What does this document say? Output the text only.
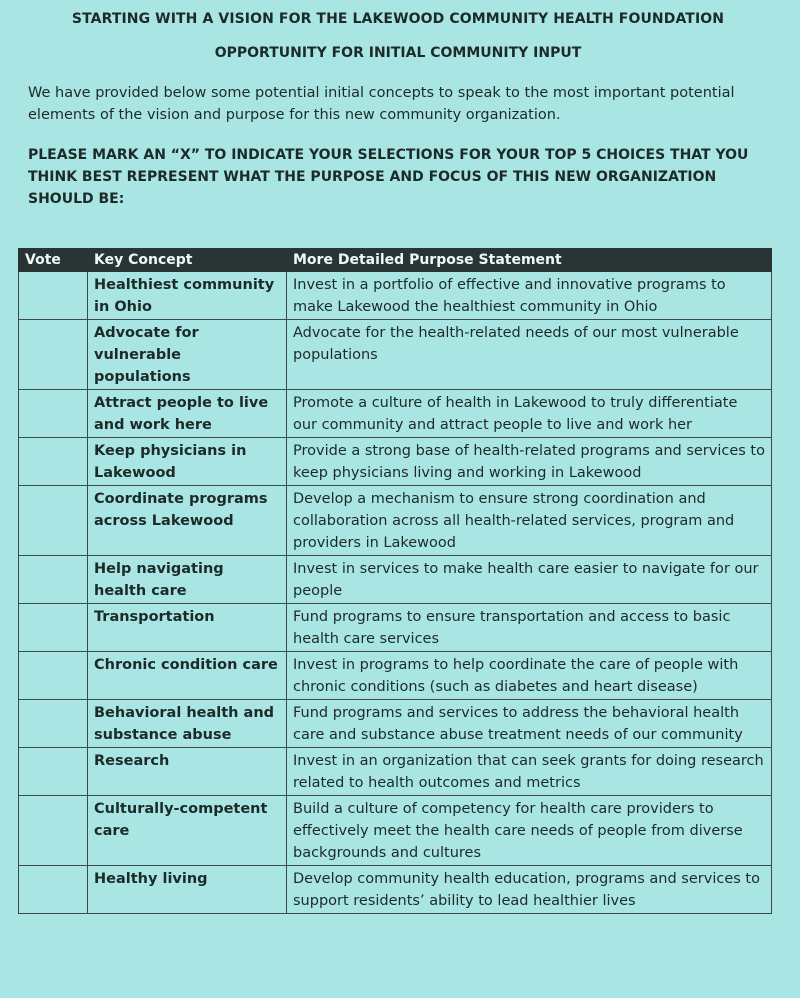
STARTING WITH A VISION FOR THE LAKEWOOD COMMUNITY HEALTH FOUNDATION
OPPORTUNITY FOR INITIAL COMMUNITY INPUT
We have provided below some potential initial concepts to speak to the most important potential elements of the vision and purpose for this new community organization.
PLEASE MARK AN “X” TO INDICATE YOUR SELECTIONS FOR YOUR TOP 5 CHOICES THAT YOU THINK BEST REPRESENT WHAT THE PURPOSE AND FOCUS OF THIS NEW ORGANIZATION SHOULD BE:
Vote	Key Concept	More Detailed Purpose Statement
	Healthiest community in Ohio	Invest in a portfolio of effective and innovative programs to make Lakewood the healthiest community in Ohio
	Advocate for vulnerable populations	Advocate for the health-related needs of our most vulnerable populations
	Attract people to live and work here	Promote a culture of health in Lakewood to truly differentiate our community and attract people to live and work her
	Keep physicians in Lakewood	Provide a strong base of health-related programs and services to keep physicians living and working in Lakewood
	Coordinate programs across Lakewood	Develop a mechanism to ensure strong coordination and collaboration across all health-related services, program and providers in Lakewood
	Help navigating health care	Invest in services to make health care easier to navigate for our people
	Transportation	Fund programs to ensure transportation and access to basic health care services
	Chronic condition care	Invest in programs to help coordinate the care of people with chronic conditions (such as diabetes and heart disease)
	Behavioral health and substance abuse	Fund programs and services to address the behavioral health care and substance abuse treatment needs of our community
	Research	Invest in an organization that can seek grants for doing research related to health outcomes and metrics
	Culturally-competent care	Build a culture of competency for health care providers to effectively meet the health care needs of people from diverse backgrounds and cultures
	Healthy living	Develop community health education, programs and services to support residents’ ability to lead healthier lives
